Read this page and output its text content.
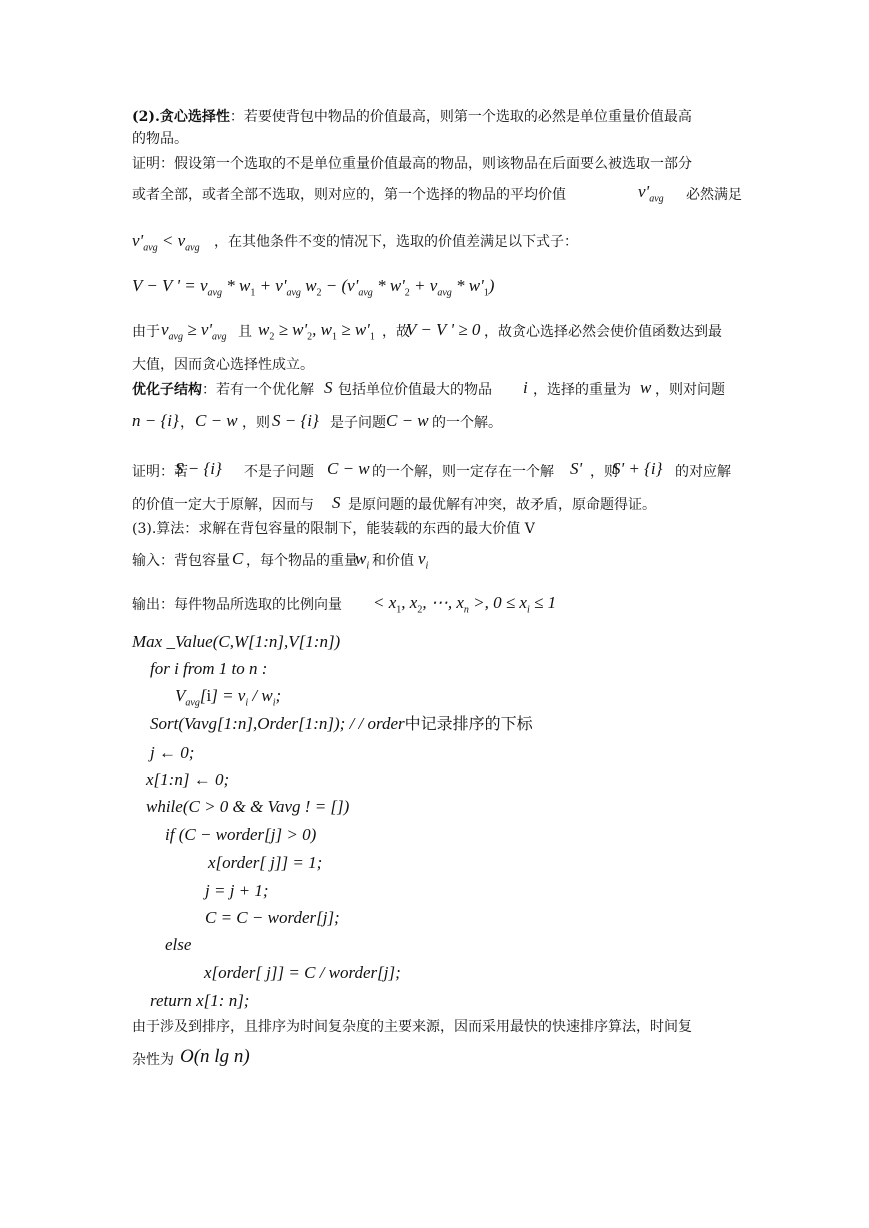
(2).贪心选择性：若要使背包中物品的价值最高，则第一个选取的必然是单位重量价值最高
的物品。
证明：假设第一个选取的不是单位重量价值最高的物品，则该物品在后面要么被选取一部分
或者全部，或者全部不选取，则对应的，第一个选择的物品的平均价值	$v'_{avg}$ 必然满足
$v'_{avg} < v_{avg}$ ，在其他条件不变的情况下，选取的价值差满足以下式子：
V − V ' = $v_{avg} * w_1 + v'_{avg}$ $w_2 - (v'_{avg} * w'_2 + v_{avg} * w'_1)$
由于 $v_{avg} \ge v'_{avg}$ 且 $w_2 \ge w'_2$, $w_1 \ge w'_1$ ，故
V − V ' ≥ 0 ，故贪心选择必然会使价值函数达到最
大值，因而贪心选择性成立。
优化子结构：若有一个优化解 S 包括单位价值最大的物品	i ，选择的重量为 w ，则对问题
n − {i} ， C − w ，则 S − {i} 是子问题 C − w 的一个解。
证明：若
S − {i} 不是子问题 C − w 的一个解，则一定存在一个解 S' ，则
S' + {i} 的对应解
的价值一定大于原解，因而与	S 是原问题的最优解有冲突，故矛盾，原命题得证。
(3).算法：求解在背包容量的限制下，能装载的东西的最大价值 V
输入：背包容量 C ，每个物品的重量
$w_i$ 和价值 $v_i$
输出：每件物品所选取的比例向量	< $x_1$, $x_2$, ⋯, $x_n$ >, $0 \le x_i \le 1$
Max _Value(C,W[1:n],V[1:n])
for i from 1 to n :
$V_{avg}[i] = v_i / w_i$;
Sort(Vavg[1:n],Order[1:n]); / / order中记录排序的下标
j ← 0;
x[1:n] ← 0;
while(C > 0 & & Vavg ! = [])
if (C − worder[j] > 0)
x[order[ j]] = 1;
j = j + 1;
C = C − worder[j];
else
x[order[ j]] = C / worder[j];
return x[1: n];
由于涉及到排序，且排序为时间复杂度的主要来源，因而采用最快的快速排序算法，时间复
杂性为 O(n lg n)
